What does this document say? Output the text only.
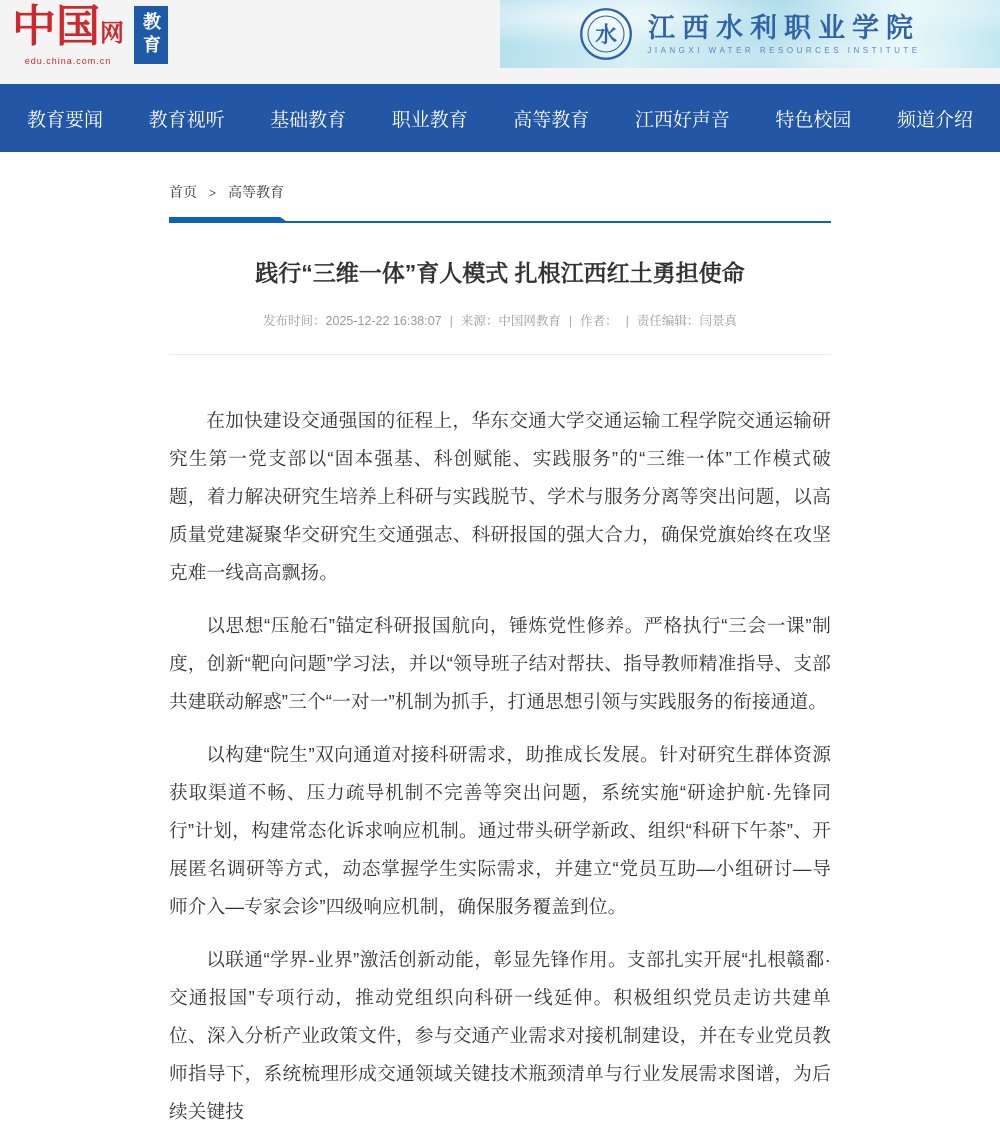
中国网
edu.china.com.cn
教育	水 江西水利职业学院
JIANGXI WATER RESOURCES INSTITUTE
教育要闻 教育视听 基础教育 职业教育 高等教育 江西好声音 特色校园 频道介绍
首页 > 高等教育
践行“三维一体”育人模式 扎根江西红土勇担使命
发布时间：2025-12-22 16:38:07 | 来源：中国网教育 | 作者： | 责任编辑：闫景真

在加快建设交通强国的征程上，华东交通大学交通运输工程学院交通运输研究生第一党支部以“固本强基、科创赋能、实践服务”的“三维一体”工作模式破题，着力解决研究生培养上科研与实践脱节、学术与服务分离等突出问题，以高质量党建凝聚华交研究生交通强志、科研报国的强大合力，确保党旗始终在攻坚克难一线高高飘扬。

以思想“压舱石”锚定科研报国航向，锤炼党性修养。严格执行“三会一课”制度，创新“靶向问题”学习法，并以“领导班子结对帮扶、指导教师精准指导、支部共建联动解惑”三个“一对一”机制为抓手，打通思想引领与实践服务的衔接通道。

以构建“院生”双向通道对接科研需求，助推成长发展。针对研究生群体资源获取渠道不畅、压力疏导机制不完善等突出问题，系统实施“研途护航·先锋同行”计划，构建常态化诉求响应机制。通过带头研学新政、组织“科研下午茶”、开展匿名调研等方式，动态掌握学生实际需求，并建立“党员互助—小组研讨—导师介入—专家会诊”四级响应机制，确保服务覆盖到位。

以联通“学界-业界”激活创新动能，彰显先锋作用。支部扎实开展“扎根赣鄱·交通报国”专项行动，推动党组织向科研一线延伸。积极组织党员走访共建单位、深入分析产业政策文件，参与交通产业需求对接机制建设，并在专业党员教师指导下，系统梳理形成交通领域关键技术瓶颈清单与行业发展需求图谱，为后续关键技
